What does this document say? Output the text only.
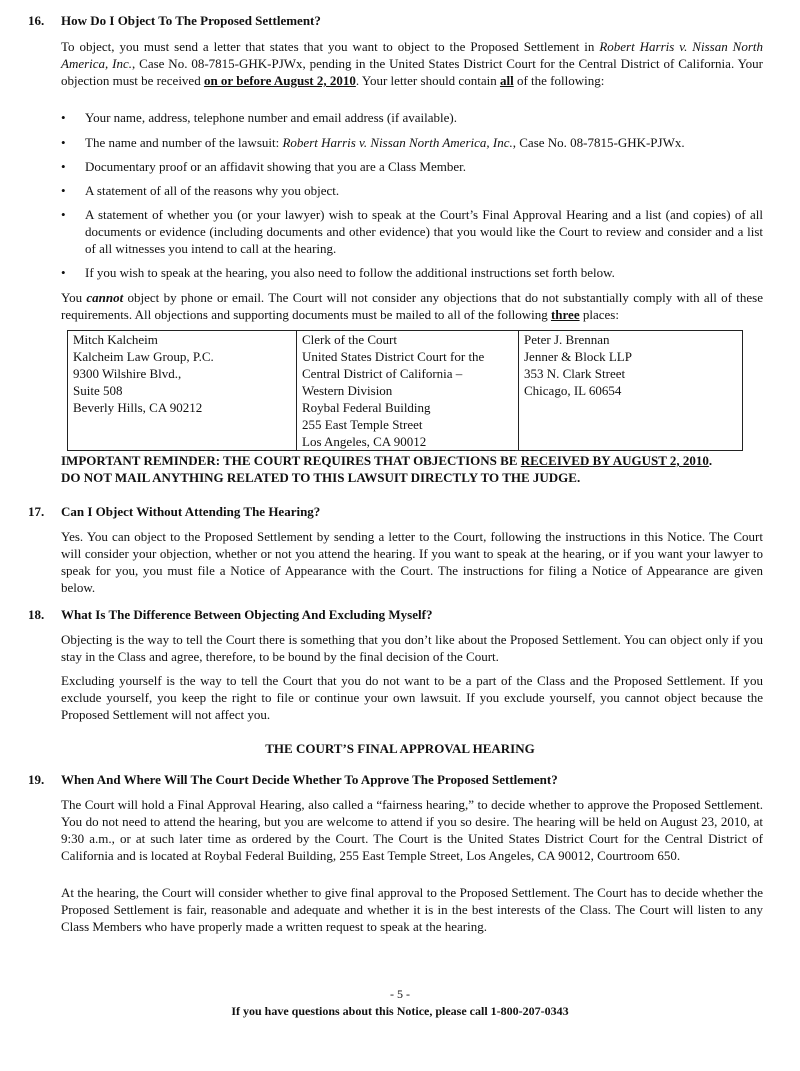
16. How Do I Object To The Proposed Settlement?
To object, you must send a letter that states that you want to object to the Proposed Settlement in Robert Harris v. Nissan North America, Inc., Case No. 08-7815-GHK-PJWx, pending in the United States District Court for the Central District of California. Your objection must be received on or before August 2, 2010. Your letter should contain all of the following:
• Your name, address, telephone number and email address (if available).
• The name and number of the lawsuit: Robert Harris v. Nissan North America, Inc., Case No. 08-7815-GHK-PJWx.
• Documentary proof or an affidavit showing that you are a Class Member.
• A statement of all of the reasons why you object.
• A statement of whether you (or your lawyer) wish to speak at the Court’s Final Approval Hearing and a list (and copies) of all documents or evidence (including documents and other evidence) that you would like the Court to review and consider and a list of all witnesses you intend to call at the hearing.
• If you wish to speak at the hearing, you also need to follow the additional instructions set forth below.
You cannot object by phone or email. The Court will not consider any objections that do not substantially comply with all of these requirements. All objections and supporting documents must be mailed to all of the following three places:
Mitch Kalcheim
Kalcheim Law Group, P.C.
9300 Wilshire Blvd.,
Suite 508
Beverly Hills, CA 90212

Clerk of the Court
United States District Court for the
Central District of California –
Western Division
Roybal Federal Building
255 East Temple Street
Los Angeles, CA 90012

Peter J. Brennan
Jenner & Block LLP
353 N. Clark Street
Chicago, IL 60654
IMPORTANT REMINDER: THE COURT REQUIRES THAT OBJECTIONS BE RECEIVED BY AUGUST 2, 2010.
DO NOT MAIL ANYTHING RELATED TO THIS LAWSUIT DIRECTLY TO THE JUDGE.
17. Can I Object Without Attending The Hearing?
Yes. You can object to the Proposed Settlement by sending a letter to the Court, following the instructions in this Notice. The Court will consider your objection, whether or not you attend the hearing. If you want to speak at the hearing, or if you want your lawyer to speak for you, you must file a Notice of Appearance with the Court. The instructions for filing a Notice of Appearance are given below.
18. What Is The Difference Between Objecting And Excluding Myself?
Objecting is the way to tell the Court there is something that you don’t like about the Proposed Settlement. You can object only if you stay in the Class and agree, therefore, to be bound by the final decision of the Court.
Excluding yourself is the way to tell the Court that you do not want to be a part of the Class and the Proposed Settlement. If you exclude yourself, you keep the right to file or continue your own lawsuit. If you exclude yourself, you cannot object because the Proposed Settlement will not affect you.
THE COURT’S FINAL APPROVAL HEARING
19. When And Where Will The Court Decide Whether To Approve The Proposed Settlement?
The Court will hold a Final Approval Hearing, also called a “fairness hearing,” to decide whether to approve the Proposed Settlement. You do not need to attend the hearing, but you are welcome to attend if you so desire. The hearing will be held on August 23, 2010, at 9:30 a.m., or at such later time as ordered by the Court. The Court is the United States District Court for the Central District of California and is located at Roybal Federal Building, 255 East Temple Street, Los Angeles, CA 90012, Courtroom 650.
At the hearing, the Court will consider whether to give final approval to the Proposed Settlement. The Court has to decide whether the Proposed Settlement is fair, reasonable and adequate and whether it is in the best interests of the Class. The Court will listen to any Class Members who have properly made a written request to speak at the hearing.
- 5 -
If you have questions about this Notice, please call 1-800-207-0343
